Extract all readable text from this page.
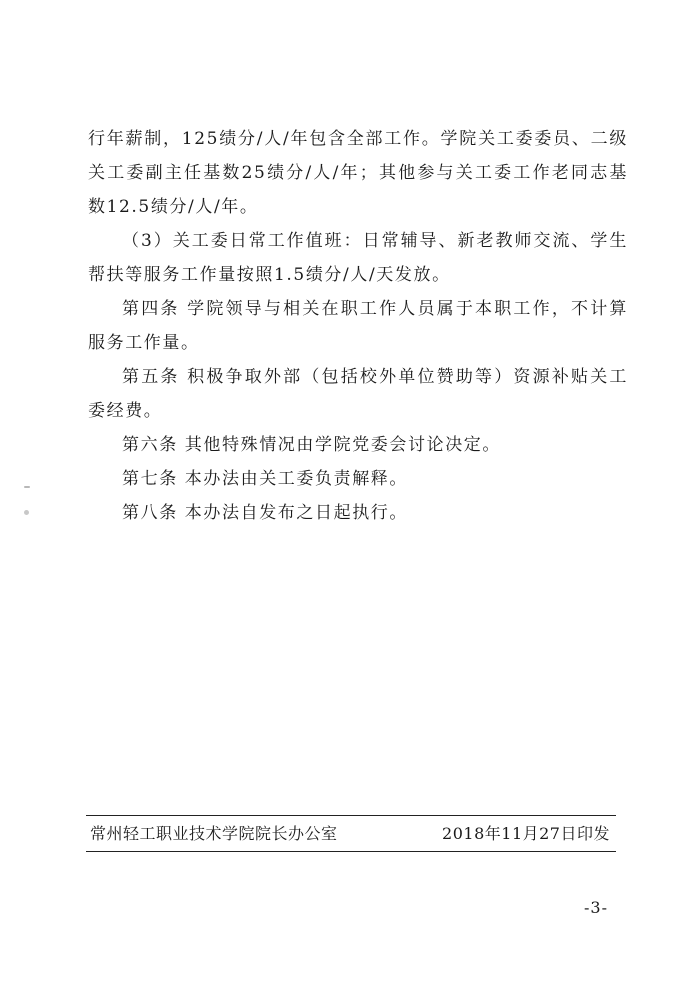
行年薪制，125绩分/人/年包含全部工作。学院关工委委员、二级关工委副主任基数25绩分/人/年；其他参与关工委工作老同志基数12.5绩分/人/年。

（3）关工委日常工作值班：日常辅导、新老教师交流、学生帮扶等服务工作量按照1.5绩分/人/天发放。

第四条 学院领导与相关在职工作人员属于本职工作，不计算服务工作量。

第五条 积极争取外部（包括校外单位赞助等）资源补贴关工委经费。

第六条 其他特殊情况由学院党委会讨论决定。

第七条 本办法由关工委负责解释。

第八条 本办法自发布之日起执行。

常州轻工职业技术学院院长办公室	2018年11月27日印发
-3-
